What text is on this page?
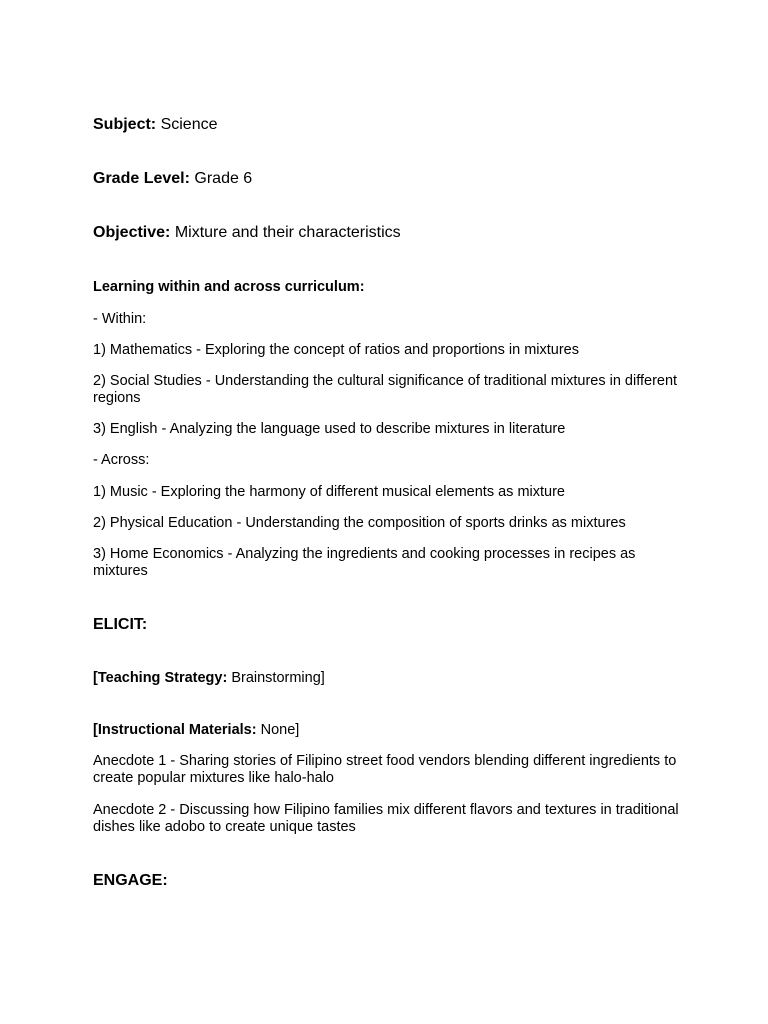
Subject: Science
Grade Level: Grade 6
Objective: Mixture and their characteristics
Learning within and across curriculum:
- Within:
1) Mathematics - Exploring the concept of ratios and proportions in mixtures
2) Social Studies - Understanding the cultural significance of traditional mixtures in different regions
3) English - Analyzing the language used to describe mixtures in literature
- Across:
1) Music - Exploring the harmony of different musical elements as mixture
2) Physical Education - Understanding the composition of sports drinks as mixtures
3) Home Economics - Analyzing the ingredients and cooking processes in recipes as mixtures
ELICIT:
[Teaching Strategy: Brainstorming]
[Instructional Materials: None]
Anecdote 1 - Sharing stories of Filipino street food vendors blending different ingredients to create popular mixtures like halo-halo
Anecdote 2 - Discussing how Filipino families mix different flavors and textures in traditional dishes like adobo to create unique tastes
ENGAGE:
